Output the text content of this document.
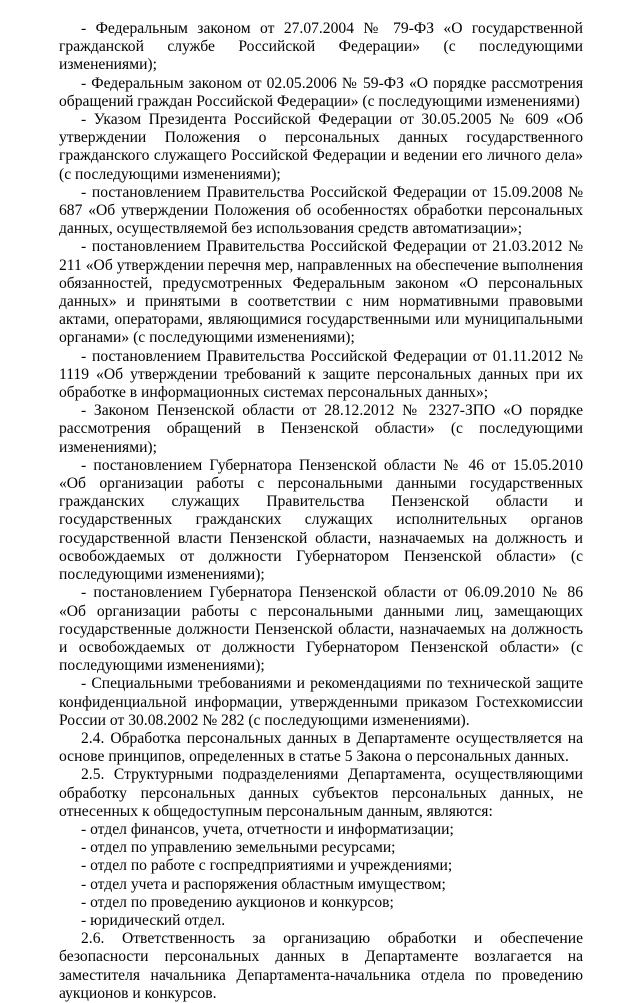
- Федеральным законом от 27.07.2004 № 79-ФЗ «О государственной гражданской службе Российской Федерации» (с последующими изменениями);

- Федеральным законом от 02.05.2006 № 59-ФЗ «О порядке рассмотрения обращений граждан Российской Федерации» (с последующими изменениями)

- Указом Президента Российской Федерации от 30.05.2005 № 609 «Об утверждении Положения о персональных данных государственного гражданского служащего Российской Федерации и ведении его личного дела» (с последующими изменениями);

- постановлением Правительства Российской Федерации от 15.09.2008 № 687 «Об утверждении Положения об особенностях обработки персональных данных, осуществляемой без использования средств автоматизации»;

- постановлением Правительства Российской Федерации от 21.03.2012 № 211 «Об утверждении перечня мер, направленных на обеспечение выполнения обязанностей, предусмотренных Федеральным законом «О персональных данных» и принятыми в соответствии с ним нормативными правовыми актами, операторами, являющимися государственными или муниципальными органами» (с последующими изменениями);

- постановлением Правительства Российской Федерации от 01.11.2012 № 1119 «Об утверждении требований к защите персональных данных при их обработке в информационных системах персональных данных»;

- Законом Пензенской области от 28.12.2012 № 2327-ЗПО «О порядке рассмотрения обращений в Пензенской области» (с последующими изменениями);

- постановлением Губернатора Пензенской области № 46 от 15.05.2010 «Об организации работы с персональными данными государственных гражданских служащих Правительства Пензенской области и государственных гражданских служащих исполнительных органов государственной власти Пензенской области, назначаемых на должность и освобождаемых от должности Губернатором Пензенской области» (с последующими изменениями);

- постановлением Губернатора Пензенской области от 06.09.2010 № 86 «Об организации работы с персональными данными лиц, замещающих государственные должности Пензенской области, назначаемых на должность и освобождаемых от должности Губернатором Пензенской области» (с последующими изменениями);

- Специальными требованиями и рекомендациями по технической защите конфиденциальной информации, утвержденными приказом Гостехкомиссии России от 30.08.2002 № 282 (с последующими изменениями).

2.4. Обработка персональных данных в Департаменте осуществляется на основе принципов, определенных в статье 5 Закона о персональных данных.

2.5. Структурными подразделениями Департамента, осуществляющими обработку персональных данных субъектов персональных данных, не отнесенных к общедоступным персональным данным, являются:

- отдел финансов, учета, отчетности и информатизации;

- отдел по управлению земельными ресурсами;

- отдел по работе с госпредприятиями и учреждениями;

- отдел учета и распоряжения областным имуществом;

- отдел по проведению аукционов и конкурсов;

- юридический отдел.

2.6. Ответственность за организацию обработки и обеспечение безопасности персональных данных в Департаменте возлагается на заместителя начальника Департамента-начальника отдела по проведению аукционов и конкурсов.
